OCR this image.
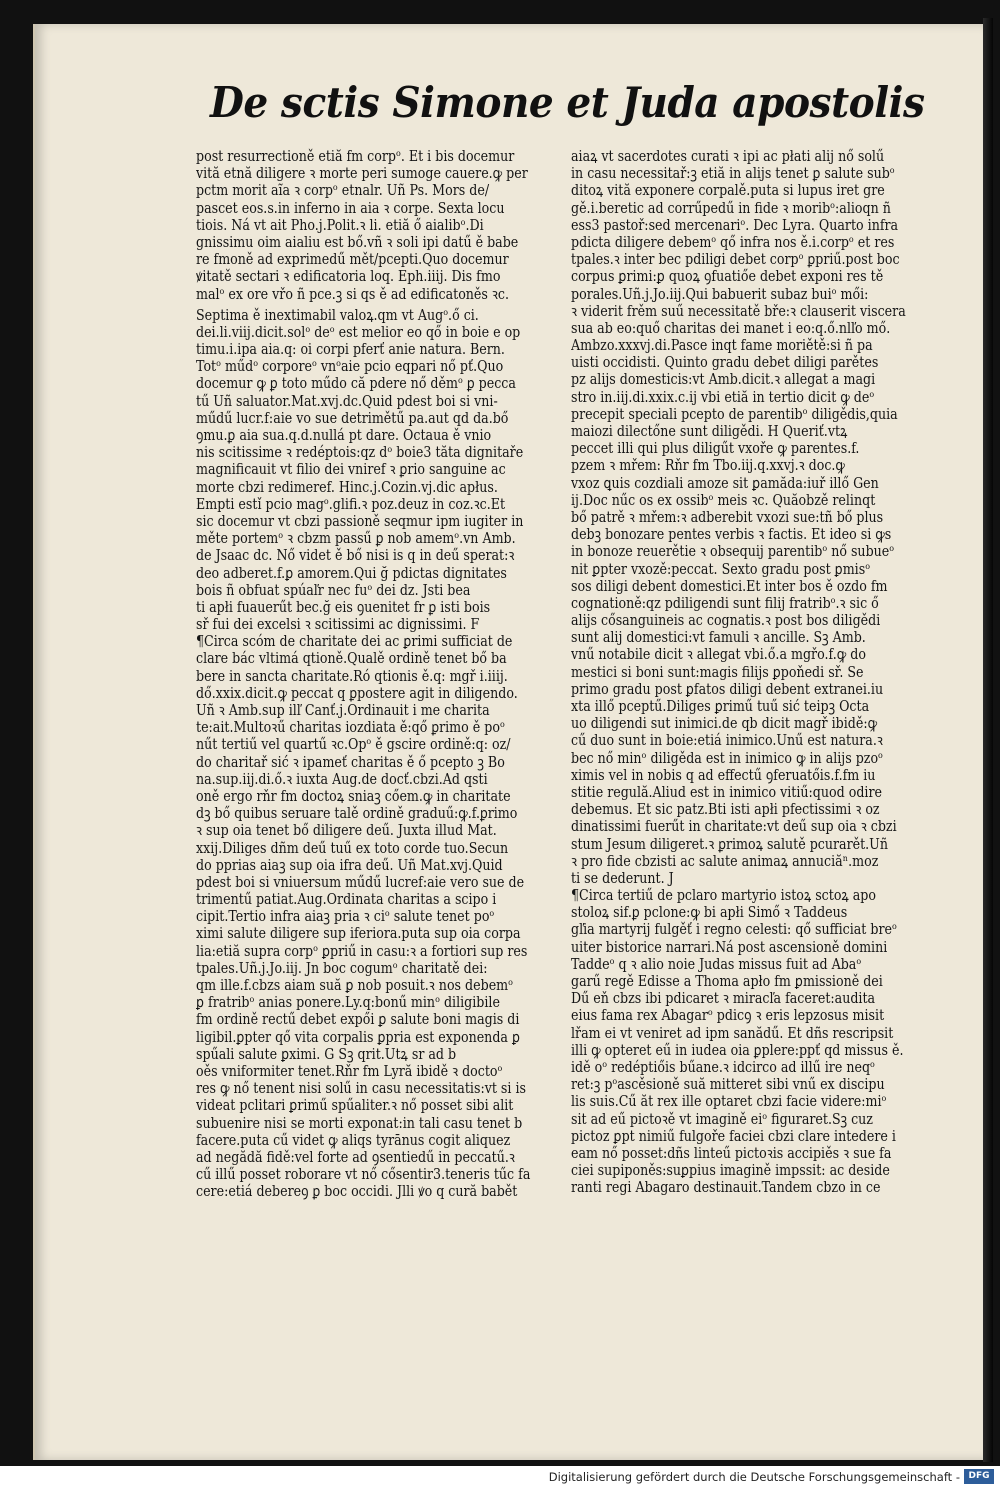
De sctis Simone et Juda apostolis
post resurrectioně etiă fm corpᵒ. Et i bis docemur
vită etnă diligere ꝛ morte peri sumoge cauere.ꝙ per
pctm morit aĩa ꝛ corpᵒ etnalr. Uñ Ps. Mors de/
pascet eos.s.in inferno in aia ꝛ corpe. Sexta locu
tiois. Ná vt ait Pho.j.Polit.ꝛ li. etiă ő aialibᵒ.Di
gnissimu oim aialiu est bő.vñ ꝛ soli ipi datű ě babe
re fmoně ad exprimedű mět/pcepti.Quo docemur
ꝟitatě sectari ꝛ edificatoria loq. Eph.iiij. Dis fmo
malᵒ ex ore vřo ñ pce.ꝫ si qs ě ad edificatoněs ꝛc.
Septima ě inextimabil valoꝝ.qm vt Augᵒ.ő ci.
dei.li.viij.dicit.solᵒ deᵒ est melior eo qő in boie e op
timu.i.ipa aia.q: oi corpi pferť anie natura. Bern.
Totᵒ műdᵒ corporeᵒ vnᵒaie pcio eqpari nő pť.Quo
docemur ꝙ ꝑ toto műdo că pdere nő děmᵒ ꝑ pecca
tű Uñ saluator.Mat.xvj.dc.Quid pdest boi si vni-
műdű lucr.f:aie vo sue detrimětű pa.aut qd da.bő
ꝯmu.ꝑ aia sua.q.d.nullá pt dare. Octaua ě vnio
nis scitissime ꝛ redéptois:qz dᵒ boie3 tăta dignitaře
magnificauit vt filio dei vniref ꝛ ꝑrio sanguine ac
morte cbzi redimeref. Hinc.j.Cozin.vj.dic apłus.
Empti estǐ pcio magᵒ.glifi.ꝛ poz.deuz in coz.ꝛc.Et
sic docemur vt cbzi passioně seqmur ipm iugiter in
měte portemᵒ ꝛ cbzm passű ꝑ nob amemᵒ.vn Amb.
de Jsaac dc. Nő videt ě bő nisi is q in deű sperat:ꝛ
deo adberet.f.ꝑ amorem.Qui ğ pdictas dignitates
bois ñ obfuat spúaľr nec fuᵒ dei dz. Jsti bea
ti apłi fuauerűt bec.ğ eis ꝯuenitet fr ꝑ isti bois
sř fui dei excelsi ꝛ scitissimi ac dignissimi. F
¶Circa scóm de charitate dei ac ꝑrimi sufficiat de
clare bác vltimá qtioně.Qualě ordině tenet bő ba
bere in sancta charitate.Ró qtionis ě.q: mgř i.iiij.
dő.xxix.dicit.ꝙ peccat q ꝑpostere agit in diligendo.
Uñ ꝛ Amb.sup ilľ Canť.j.Ordinauit i me charita
te:ait.Multoꝛű charitas iozdiata ě:qő ꝑrimo ě poᵒ
nűt tertiű vel quartű ꝛc.Opᵒ ě gscire ordině:q: oz/
do charitař sić ꝛ ipameť charitas ě ő pcepto ꝫ Bo
na.sup.iij.di.ő.ꝛ iuxta Aug.de docť.cbzi.Ad qsti
oně ergo rňr fm doctoꝝ sniaꝫ cőem.ꝙ in charitate
dꝫ bő quibus seruare talě ordině graduű:ꝙ.f.ꝑrimo
ꝛ sup oia tenet bő diligere deű. Juxta illud Mat.
xxij.Diliges dñm deű tuű ex toto corde tuo.Secun
do pprias aiaꝫ sup oia ifra deű. Uñ Mat.xvj.Quid
pdest boi si vniuersum műdű lucref:aie vero sue de
trimentű patiat.Aug.Ordinata charitas a scipo i
cipit.Tertio infra aiaꝫ pria ꝛ ciᵒ salute tenet poᵒ
ximi salute diligere sup iferiora.puta sup oia corpa
lia:etiă supra corpᵒ ꝑpriű in casu:ꝛ a fortiori sup res
tpales.Uñ.j.Jo.iij. Jn boc cogumᵒ charitatě dei:
qm ille.f.cbzs aiam suă ꝑ nob posuit.ꝛ nos debemᵒ
ꝑ fratribᵒ anias ponere.Ly.q:bonű minᵒ diligibile
fm ordině rectű debet expői ꝑ salute boni magis di
ligibil.ꝑpter qő vita corpalis ꝑpria est exponenda ꝑ
spűali salute ꝑximi. G Sꝫ qrit.Utꝝ sr ad b
oěs vniformiter tenet.Rňr fm Lyră ibidě ꝛ doctoᵒ
res ꝙ nő tenent nisi solű in casu necessitatis:vt si is
videat pclitari ꝑrimű spűaliter.ꝛ nő posset sibi alit
subuenire nisi se morti exponat:in tali casu tenet b
facere.puta cű videt ꝙ aliqs tyrānus cogit aliquez
ad negădă fidě:vel forte ad ꝯsentiedű in peccatű.ꝛ
cű illű posset roborare vt nő cősentir3.teneris tűc fa
cere:etiá debereꝯ ꝑ boc occidi. Jlli ꝟo q cură babět
aiaꝝ vt sacerdotes curati ꝛ ipi ac płati alij nő solű
in casu necessitař:ꝫ etiă in alijs tenet ꝑ salute subᵒ
ditoꝝ vită exponere corpalě.puta si lupus iret gre
gě.i.beretic ad corrűpedű in fide ꝛ moribᵒ:alioqn ñ
ess3 pastoř:sed mercenariᵒ. Dec Lyra. Quarto infra
pdicta diligere debemᵒ qő infra nos ě.i.corpᵒ et res
tpales.ꝛ inter bec pdiligi debet corpᵒ ꝑpriű.post boc
corpus ꝑrimi:ꝑ quoꝝ ꝯfuatiőe debet exponi res tě
porales.Uñ.j.Jo.iij.Qui babuerit subaz buiᵒ mői:
ꝛ viderit frěm suű necessitatě bře:ꝛ clauserit viscera
sua ab eo:quő charitas dei manet i eo:q.ő.nlľo mő.
Ambzo.xxxvj.di.Pasce inqt fame moriětě:si ñ pa
uisti occidisti. Quinto gradu debet diligi parětes
pz alijs domesticis:vt Amb.dicit.ꝛ allegat a magi
stro in.iij.di.xxix.c.ij vbi etiă in tertio dicit ꝙ deᵒ
precepit speciali pcepto de parentibᵒ diligědis,quia
maiozi dilectőne sunt diligědi. H Queriť.vtꝝ
peccet illi qui plus diligűt vxoře ꝙ parentes.f.
pzem ꝛ mřem: Rňr fm Tbo.iij.q.xxvj.ꝛ doc.ꝙ
vxoz ꝗuis cozdiali amoze sit ꝑamăda:iuř illő Gen
ij.Doc nűc os ex ossibᵒ meis ꝛc. Quăobzě relinqt
bő patrě ꝛ mřem:ꝛ adberebit vxozi sue:tñ bő plus
debꝫ bonozare pentes verbis ꝛ factis. Et ideo si ꝙs
in bonoze reuerětie ꝛ obsequij parentibᵒ nő subueᵒ
nit ꝑpter vxozě:peccat. Sexto gradu post ꝑmisᵒ
sos diligi debent domestici.Et inter bos ě ozdo fm
cognationě:qz pdiligendi sunt filij fratribᵒ.ꝛ sic ő
alijs cősanguineis ac cognatis.ꝛ post bos diligědi
sunt alij domestici:vt famuli ꝛ ancille. Sꝫ Amb.
vnű notabile dicit ꝛ allegat vbi.ő.a mgřo.f.ꝙ do
mestici si boni sunt:magis filijs ꝑpoňedi sř. Se
primo gradu post ꝑfatos diligi debent extranei.iu
xta illő pceptű.Diliges ꝑrimű tuű sić teipꝫ Octa
uo diligendi sut inimici.de qb dicit magř ibidě:ꝙ
cű duo sunt in boie:etiá inimico.Unű est natura.ꝛ
bec nő minᵒ diligěda est in inimico ꝙ in alijs pzoᵒ
ximis vel in nobis q ad effectű ꝯferuatőis.f.fm iu
stitie regulă.Aliud est in inimico vitiű:quod odire
debemus. Et sic patz.Bti isti apłi pfectissimi ꝛ oz
dinatissimi fuerűt in charitate:vt deű sup oia ꝛ cbzi
stum Jesum diligeret.ꝛ ꝑrimoꝝ salutě pcurarět.Uñ
ꝛ pro fide cbzisti ac salute animaꝝ annuciăⁿ.moz
ti se dederunt. J
¶Circa tertiű de pclaro martyrio istoꝝ sctoꝝ apo
stoloꝝ sif.ꝑ pclone:ꝙ bi apłi Simő ꝛ Taddeus
gľia martyrij fulgěť i regno celesti: qő sufficiat breᵒ
uiter bistorice narrari.Ná post ascensioně domini
Taddeᵒ q ꝛ alio noie Judas missus fuit ad Abaᵒ
garű regě Edisse a Thoma apło fm ꝑmissioně dei
Dű eň cbzs ibi pdicaret ꝛ miracľa faceret:audita
eius fama rex Abagarᵒ pdicꝯ ꝛ eris lepzosus misit
lřam ei vt veniret ad ipm sanădű. Et dñs rescripsit
illi ꝙ opteret eű in iudea oia ꝑplere:ppť qd missus ě.
idě oᵒ redéptiőis bűane.ꝛ idcirco ad illű ire neqᵒ
ret:ꝫ pᵒascěsioně suă mitteret sibi vnű ex discipu
lis suis.Cű ăt rex ille optaret cbzi facie videre:miᵒ
sit ad eű pictoꝛě vt imagině eiᵒ figuraret.Sꝫ cuz
pictoz ꝑpt nimiű fulgoře faciei cbzi clare intedere i
eam nő posset:dñs linteű pictoꝛis accipiěs ꝛ sue fa
ciei supiponěs:suꝑpius imagině impssit: ac deside
ranti regi Abagaro destinauit.Tandem cbzo in ce
Digitalisierung gefördert durch die Deutsche Forschungsgemeinschaft - DFG
